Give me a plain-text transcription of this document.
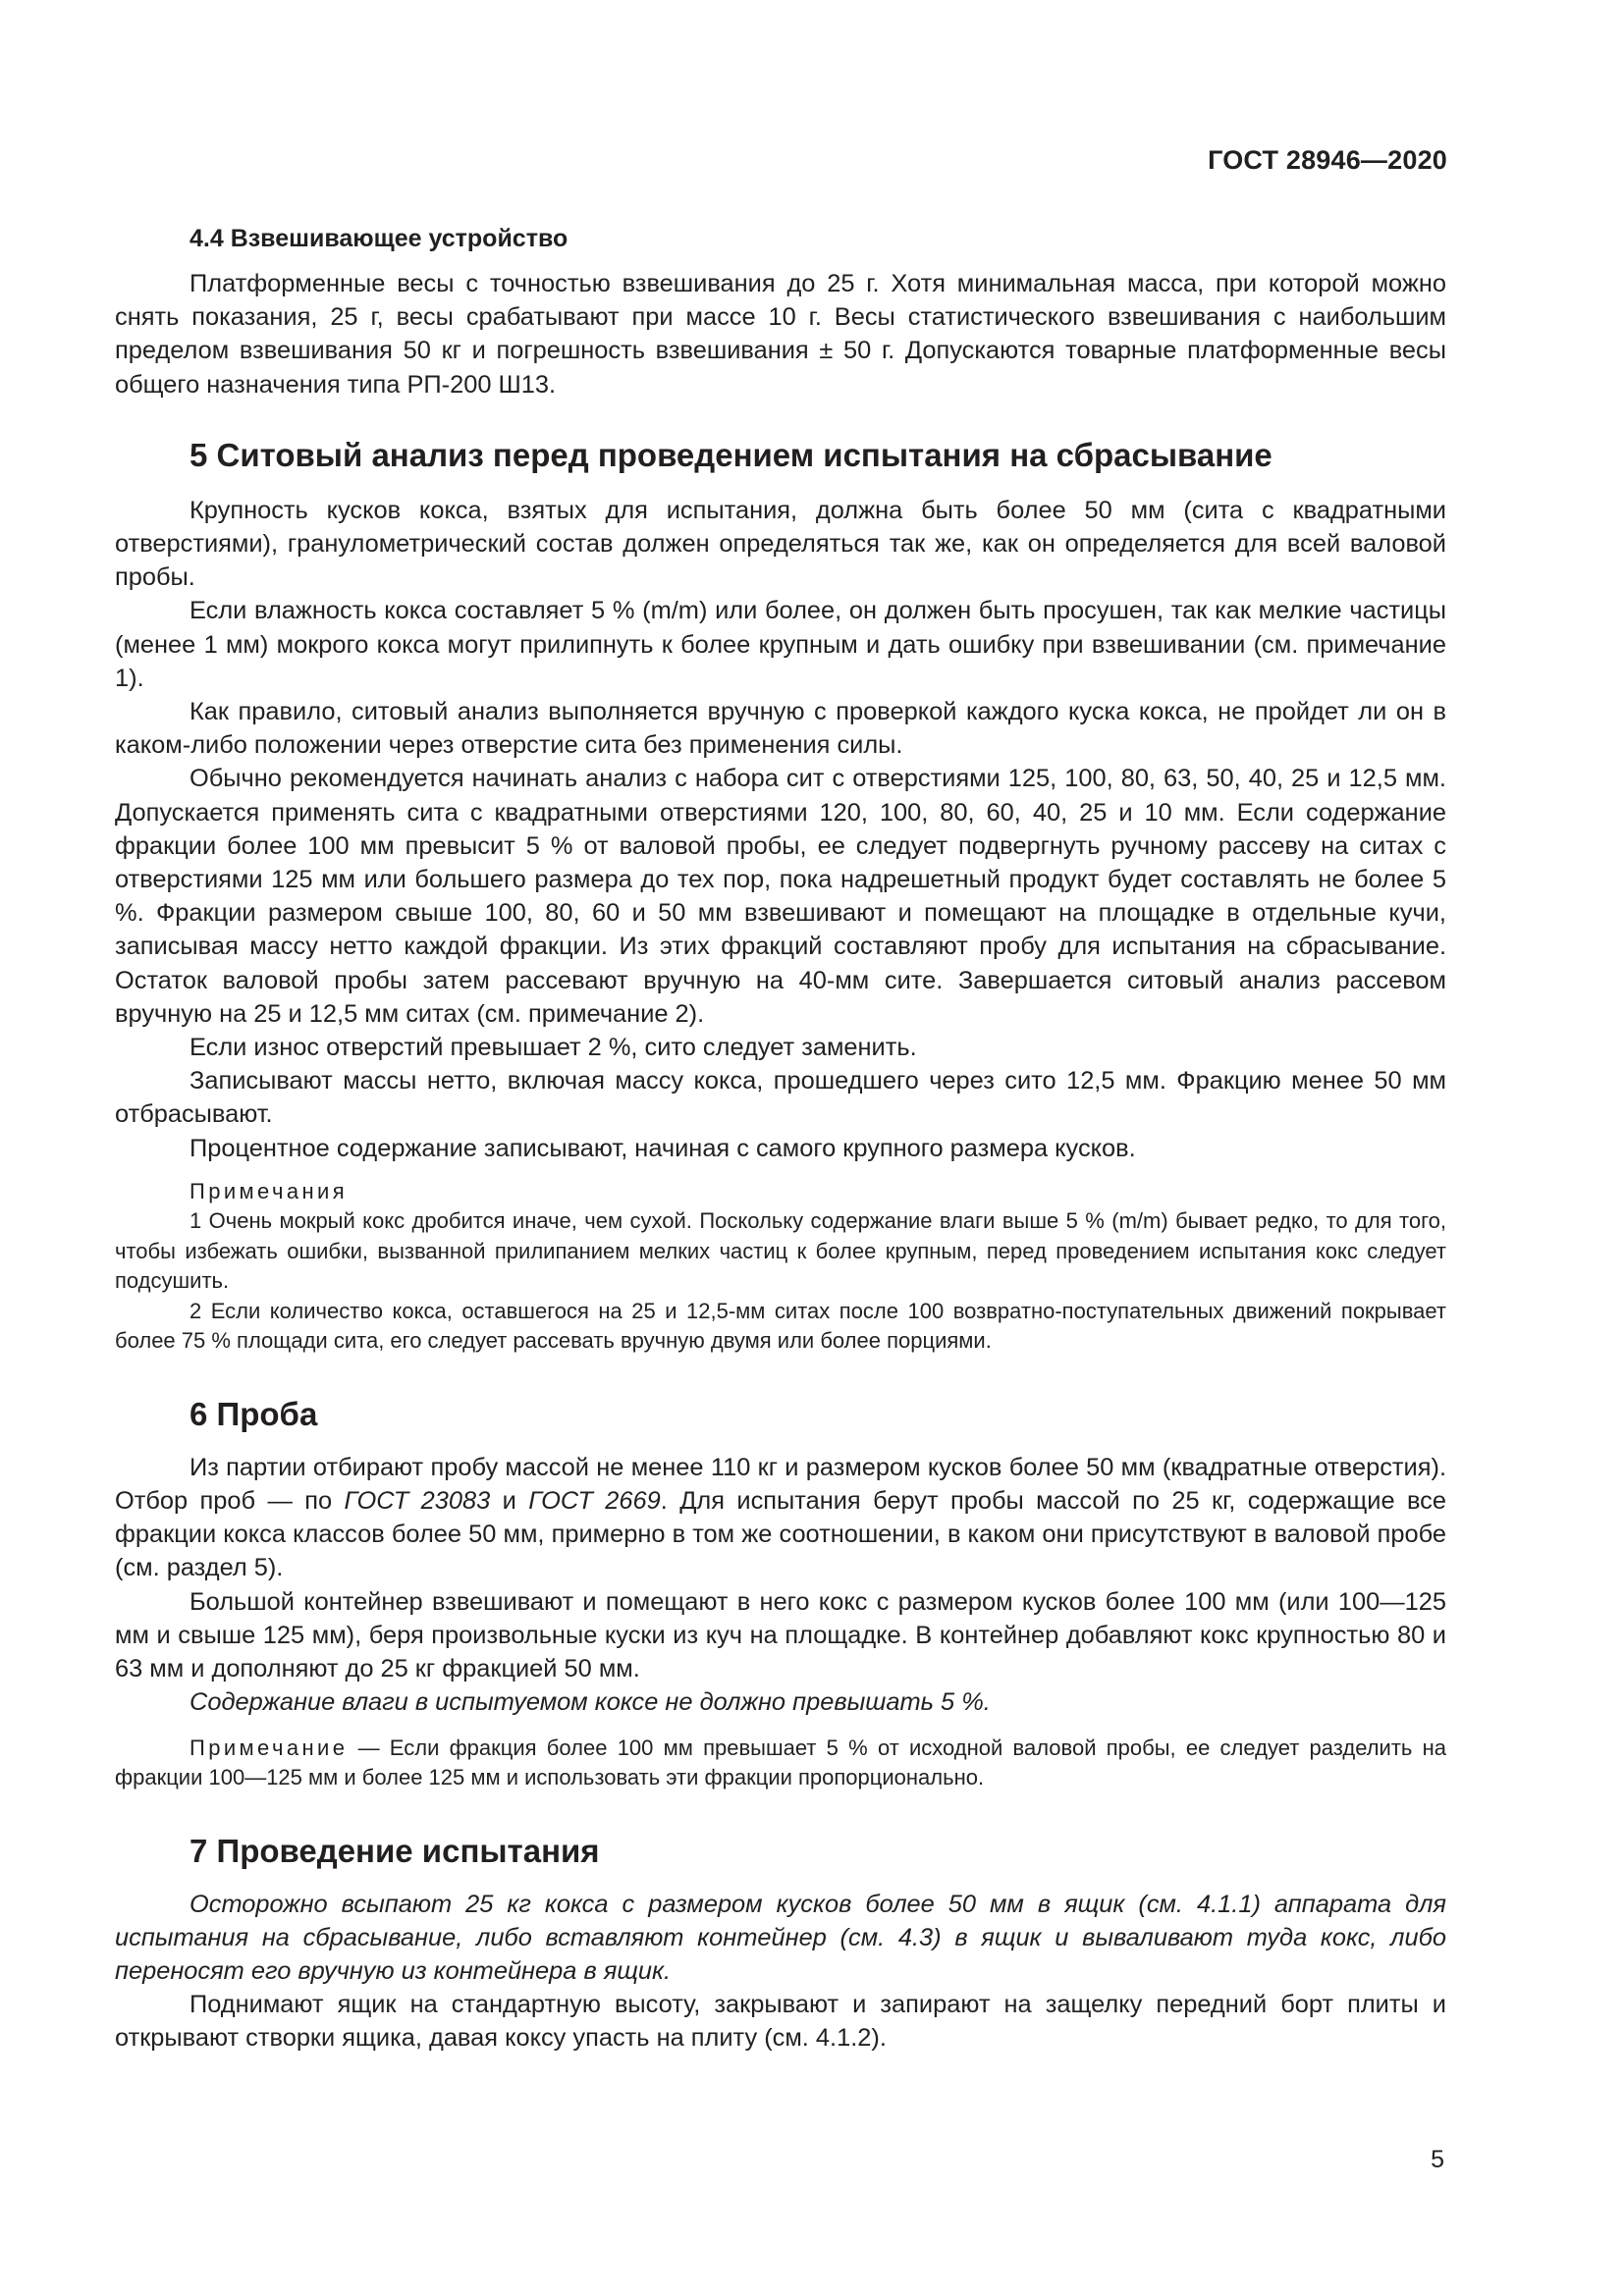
ГОСТ 28946—2020
4.4 Взвешивающее устройство

Платформенные весы с точностью взвешивания до 25 г. Хотя минимальная масса, при которой можно снять показания, 25 г, весы срабатывают при массе 10 г. Весы статистического взвешивания с наибольшим пределом взвешивания 50 кг и погрешность взвешивания ± 50 г. Допускаются товарные платформенные весы общего назначения типа РП-200 Ш13.

5 Ситовый анализ перед проведением испытания на сбрасывание

Крупность кусков кокса, взятых для испытания, должна быть более 50 мм (сита с квадратными отверстиями), гранулометрический состав должен определяться так же, как он определяется для всей валовой пробы.

Если влажность кокса составляет 5 % (m/m) или более, он должен быть просушен, так как мелкие частицы (менее 1 мм) мокрого кокса могут прилипнуть к более крупным и дать ошибку при взвешивании (см. примечание 1).

Как правило, ситовый анализ выполняется вручную с проверкой каждого куска кокса, не пройдет ли он в каком-либо положении через отверстие сита без применения силы.

Обычно рекомендуется начинать анализ с набора сит с отверстиями 125, 100, 80, 63, 50, 40, 25 и 12,5 мм. Допускается применять сита с квадратными отверстиями 120, 100, 80, 60, 40, 25 и 10 мм. Если содержание фракции более 100 мм превысит 5 % от валовой пробы, ее следует подвергнуть ручному рассеву на ситах с отверстиями 125 мм или большего размера до тех пор, пока надрешетный продукт будет составлять не более 5 %. Фракции размером свыше 100, 80, 60 и 50 мм взвешивают и помещают на площадке в отдельные кучи, записывая массу нетто каждой фракции. Из этих фракций составляют пробу для испытания на сбрасывание. Остаток валовой пробы затем рассевают вручную на 40-мм сите. Завершается ситовый анализ рассевом вручную на 25 и 12,5 мм ситах (см. примечание 2).

Если износ отверстий превышает 2 %, сито следует заменить.

Записывают массы нетто, включая массу кокса, прошедшего через сито 12,5 мм. Фракцию менее 50 мм отбрасывают.

Процентное содержание записывают, начиная с самого крупного размера кусков.

Примечания

1 Очень мокрый кокс дробится иначе, чем сухой. Поскольку содержание влаги выше 5 % (m/m) бывает редко, то для того, чтобы избежать ошибки, вызванной прилипанием мелких частиц к более крупным, перед проведением испытания кокс следует подсушить.

2 Если количество кокса, оставшегося на 25 и 12,5-мм ситах после 100 возвратно-поступательных движений покрывает более 75 % площади сита, его следует рассевать вручную двумя или более порциями.

6 Проба

Из партии отбирают пробу массой не менее 110 кг и размером кусков более 50 мм (квадратные отверстия). Отбор проб — по ГОСТ 23083 и ГОСТ 2669. Для испытания берут пробы массой по 25 кг, содержащие все фракции кокса классов более 50 мм, примерно в том же соотношении, в каком они присутствуют в валовой пробе (см. раздел 5).

Большой контейнер взвешивают и помещают в него кокс с размером кусков более 100 мм (или 100—125 мм и свыше 125 мм), беря произвольные куски из куч на площадке. В контейнер добавляют кокс крупностью 80 и 63 мм и дополняют до 25 кг фракцией 50 мм.

Содержание влаги в испытуемом коксе не должно превышать 5 %.

Примечание — Если фракция более 100 мм превышает 5 % от исходной валовой пробы, ее следует разделить на фракции 100—125 мм и более 125 мм и использовать эти фракции пропорционально.

7 Проведение испытания

Осторожно всыпают 25 кг кокса с размером кусков более 50 мм в ящик (см. 4.1.1) аппарата для испытания на сбрасывание, либо вставляют контейнер (см. 4.3) в ящик и вываливают туда кокс, либо переносят его вручную из контейнера в ящик.

Поднимают ящик на стандартную высоту, закрывают и запирают на защелку передний борт плиты и открывают створки ящика, давая коксу упасть на плиту (см. 4.1.2).

5
